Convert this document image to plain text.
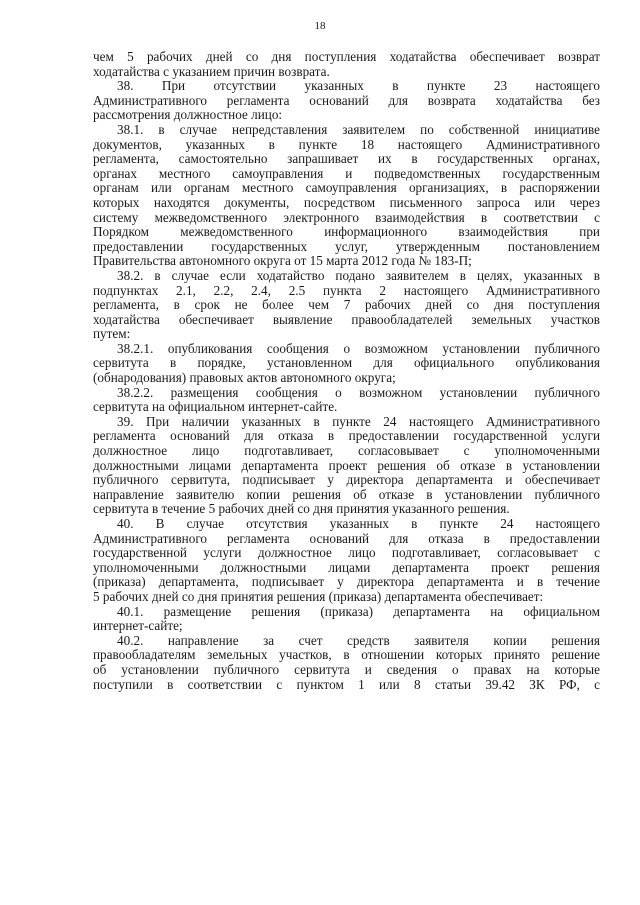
18
чем 5 рабочих дней со дня поступления ходатайства обеспечивает возврат
ходатайства с указанием причин возврата.
38. При отсутствии указанных в пункте 23 настоящего
Административного регламента оснований для возврата ходатайства без
рассмотрения должностное лицо:
38.1. в случае непредставления заявителем по собственной инициативе
документов, указанных в пункте 18 настоящего Административного
регламента, самостоятельно запрашивает их в государственных органах,
органах местного самоуправления и подведомственных государственным
органам или органам местного самоуправления организациях, в распоряжении
которых находятся документы, посредством письменного запроса или через
систему межведомственного электронного взаимодействия в соответствии с
Порядком межведомственного информационного взаимодействия при
предоставлении государственных услуг, утвержденным постановлением
Правительства автономного округа от 15 марта 2012 года № 183-П;
38.2. в случае если ходатайство подано заявителем в целях, указанных в
подпунктах 2.1, 2.2, 2.4, 2.5 пункта 2 настоящего Административного
регламента, в срок не более чем 7 рабочих дней со дня поступления
ходатайства обеспечивает выявление правообладателей земельных участков
путем:
38.2.1. опубликования сообщения о возможном установлении публичного
сервитута в порядке, установленном для официального опубликования
(обнародования) правовых актов автономного округа;
38.2.2. размещения сообщения о возможном установлении публичного
сервитута на официальном интернет-сайте.
39. При наличии указанных в пункте 24 настоящего Административного
регламента оснований для отказа в предоставлении государственной услуги
должностное лицо подготавливает, согласовывает с уполномоченными
должностными лицами департамента проект решения об отказе в установлении
публичного сервитута, подписывает у директора департамента и обеспечивает
направление заявителю копии решения об отказе в установлении публичного
сервитута в течение 5 рабочих дней со дня принятия указанного решения.
40. В случае отсутствия указанных в пункте 24 настоящего
Административного регламента оснований для отказа в предоставлении
государственной услуги должностное лицо подготавливает, согласовывает с
уполномоченными должностными лицами департамента проект решения
(приказа) департамента, подписывает у директора департамента и в течение
5 рабочих дней со дня принятия решения (приказа) департамента обеспечивает:
40.1. размещение решения (приказа) департамента на официальном
интернет-сайте;
40.2. направление за счет средств заявителя копии решения
правообладателям земельных участков, в отношении которых принято решение
об установлении публичного сервитута и сведения о правах на которые
поступили в соответствии с пунктом 1 или 8 статьи 39.42 ЗК РФ, с
